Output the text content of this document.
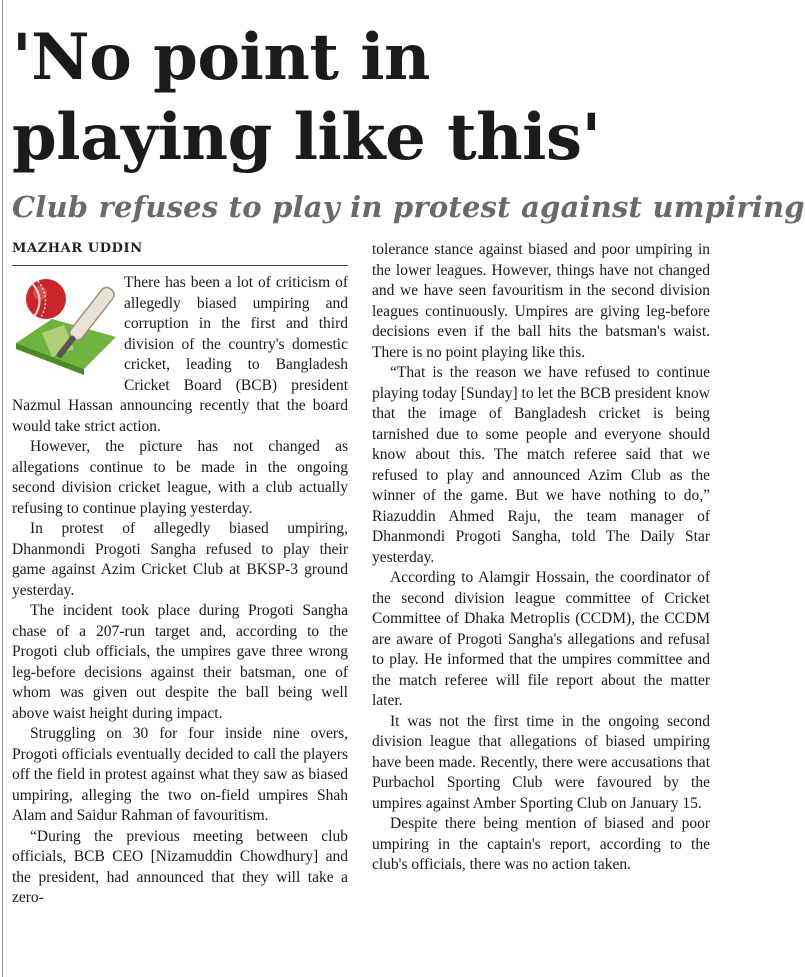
'No point in
playing like this'
Club refuses to play in protest against umpiring
MAZHAR UDDIN

There has been a lot of criticism of allegedly biased umpiring and corruption in the first and third division of the country's domestic cricket, leading to Bangladesh Cricket Board (BCB) president Nazmul Hassan announcing recently that the board would take strict action.

However, the picture has not changed as allegations continue to be made in the ongoing second division cricket league, with a club actually refusing to continue playing yesterday.

In protest of allegedly biased umpiring, Dhanmondi Progoti Sangha refused to play their game against Azim Cricket Club at BKSP-3 ground yesterday.

The incident took place during Progoti Sangha chase of a 207-run target and, according to the Progoti club officials, the umpires gave three wrong leg-before decisions against their batsman, one of whom was given out despite the ball being well above waist height during impact.

Struggling on 30 for four inside nine overs, Progoti officials eventually decided to call the players off the field in protest against what they saw as biased umpiring, alleging the two on-field umpires Shah Alam and Saidur Rahman of favouritism.

“During the previous meeting between club officials, BCB CEO [Nizamuddin Chowdhury] and the president, had announced that they will take a zero-

tolerance stance against biased and poor umpiring in the lower leagues. However, things have not changed and we have seen favouritism in the second division leagues continuously. Umpires are giving leg-before decisions even if the ball hits the batsman's waist. There is no point playing like this.

“That is the reason we have refused to continue playing today [Sunday] to let the BCB president know that the image of Bangladesh cricket is being tarnished due to some people and everyone should know about this. The match referee said that we refused to play and announced Azim Club as the winner of the game. But we have nothing to do,” Riazuddin Ahmed Raju, the team manager of Dhanmondi Progoti Sangha, told The Daily Star yesterday.

According to Alamgir Hossain, the coordinator of the second division league committee of Cricket Committee of Dhaka Metroplis (CCDM), the CCDM are aware of Progoti Sangha's allegations and refusal to play. He informed that the umpires committee and the match referee will file report about the matter later.

It was not the first time in the ongoing second division league that allegations of biased umpiring have been made. Recently, there were accusations that Purbachol Sporting Club were favoured by the umpires against Amber Sporting Club on January 15.

Despite there being mention of biased and poor umpiring in the captain's report, according to the club's officials, there was no action taken.
